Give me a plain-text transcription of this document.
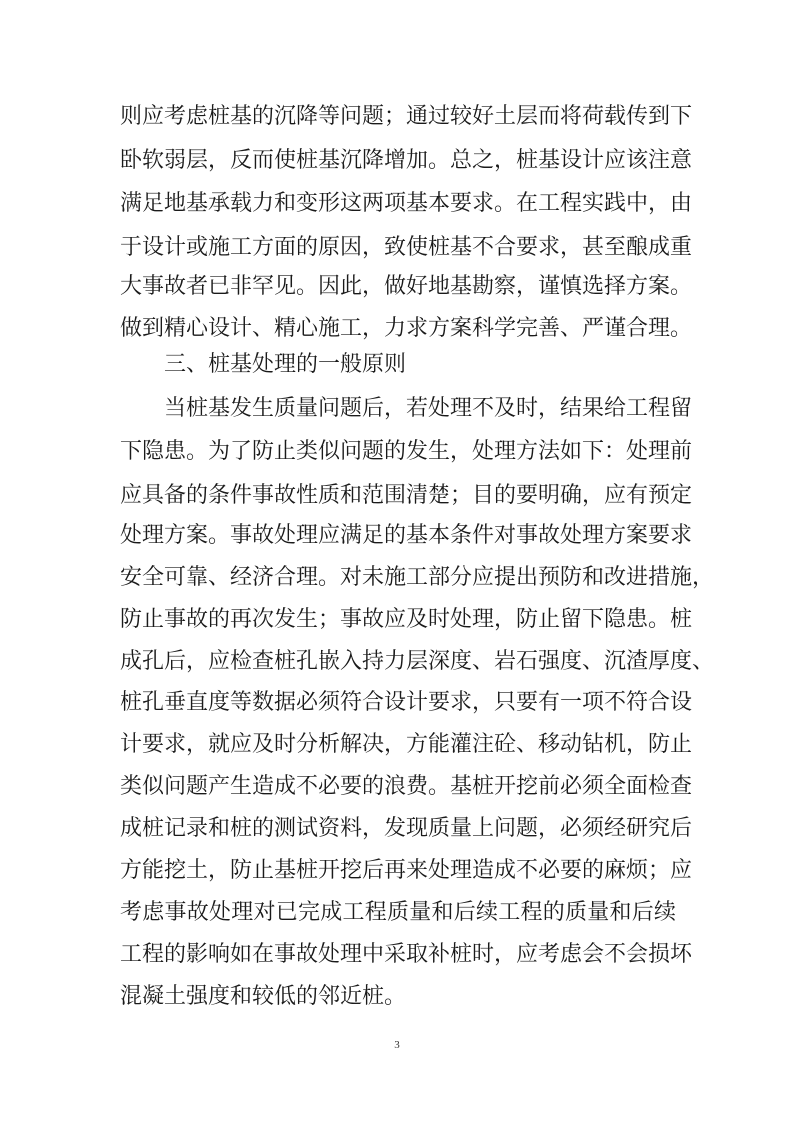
则应考虑桩基的沉降等问题；通过较好土层而将荷载传到下
卧软弱层，反而使桩基沉降增加。总之，桩基设计应该注意
满足地基承载力和变形这两项基本要求。在工程实践中，由
于设计或施工方面的原因，致使桩基不合要求，甚至酿成重
大事故者已非罕见。因此，做好地基勘察，谨慎选择方案。
做到精心设计、精心施工，力求方案科学完善、严谨合理。
三、桩基处理的一般原则
当桩基发生质量问题后，若处理不及时，结果给工程留
下隐患。为了防止类似问题的发生，处理方法如下：处理前
应具备的条件事故性质和范围清楚；目的要明确，应有预定
处理方案。事故处理应满足的基本条件对事故处理方案要求
安全可靠、经济合理。对未施工部分应提出预防和改进措施，
防止事故的再次发生；事故应及时处理，防止留下隐患。桩
成孔后，应检查桩孔嵌入持力层深度、岩石强度、沉渣厚度、
桩孔垂直度等数据必须符合设计要求，只要有一项不符合设
计要求，就应及时分析解决，方能灌注砼、移动钻机，防止
类似问题产生造成不必要的浪费。基桩开挖前必须全面检查
成桩记录和桩的测试资料，发现质量上问题，必须经研究后
方能挖土，防止基桩开挖后再来处理造成不必要的麻烦；应
考虑事故处理对已完成工程质量和后续工程的质量和后续
工程的影响如在事故处理中采取补桩时，应考虑会不会损坏
混凝土强度和较低的邻近桩。
3
